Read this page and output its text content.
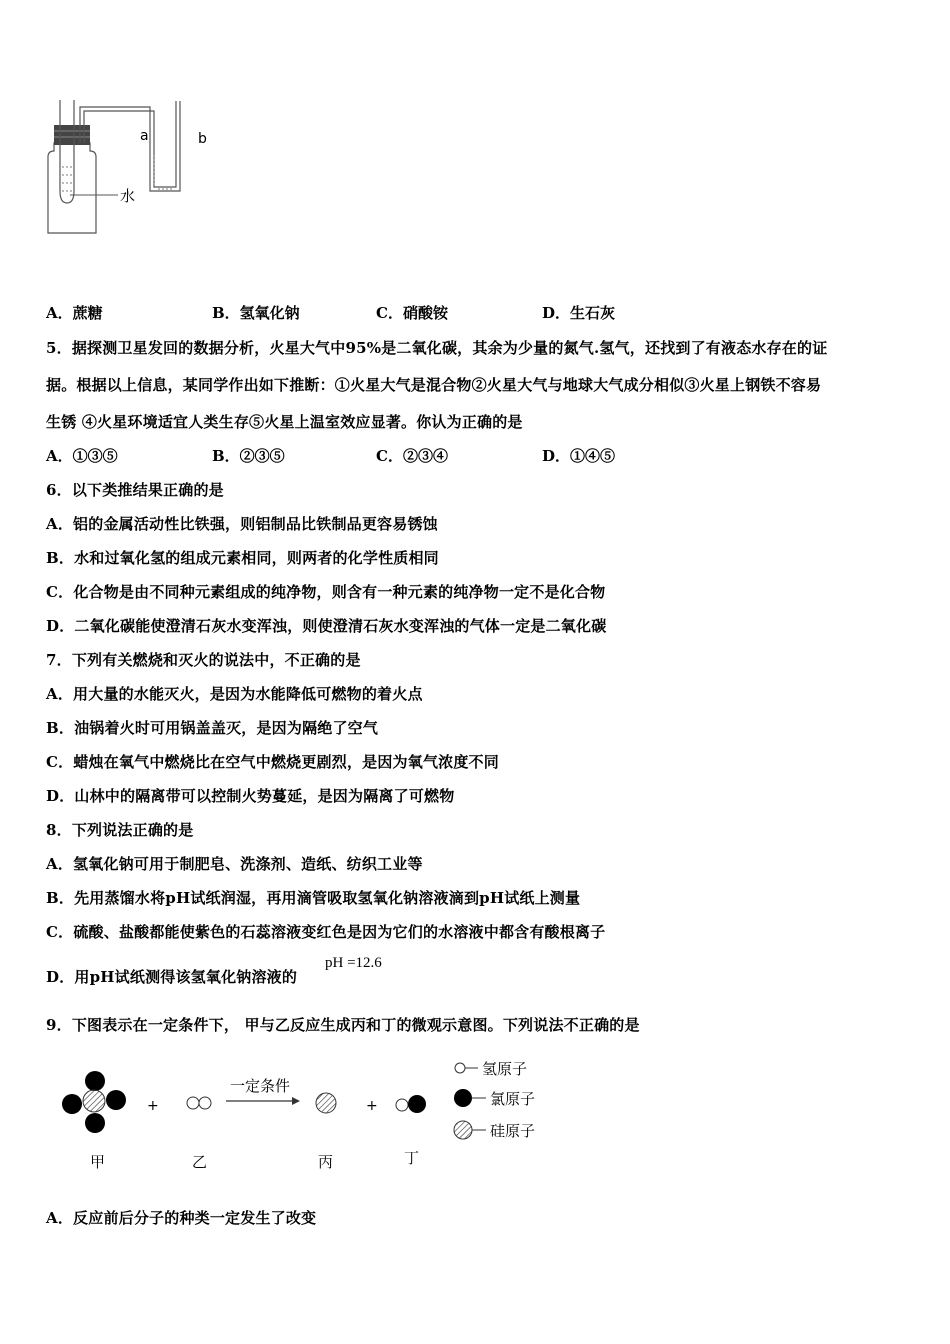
a	b
水
A．蔗糖	B．氢氧化钠	C．硝酸铵	D．生石灰
5．据探测卫星发回的数据分析，火星大气中95%是二氧化碳，其余为少量的氮气.氢气，还找到了有液态水存在的证
据。根据以上信息，某同学作出如下推断：①火星大气是混合物②火星大气与地球大气成分相似③火星上钢铁不容易
生锈 ④火星环境适宜人类生存⑤火星上温室效应显著。你认为正确的是
A．①③⑤	B．②③⑤	C．②③④	D．①④⑤
6．以下类推结果正确的是
A．铝的金属活动性比铁强，则铝制品比铁制品更容易锈蚀
B．水和过氧化氢的组成元素相同，则两者的化学性质相同
C．化合物是由不同种元素组成的纯净物，则含有一种元素的纯净物一定不是化合物
D．二氧化碳能使澄清石灰水变浑浊，则使澄清石灰水变浑浊的气体一定是二氧化碳
7．下列有关燃烧和灭火的说法中，不正确的是
A．用大量的水能灭火，是因为水能降低可燃物的着火点
B．油锅着火时可用锅盖盖灭，是因为隔绝了空气
C．蜡烛在氧气中燃烧比在空气中燃烧更剧烈，是因为氧气浓度不同
D．山林中的隔离带可以控制火势蔓延，是因为隔离了可燃物
8．下列说法正确的是
A．氢氧化钠可用于制肥皂、洗涤剂、造纸、纺织工业等
B．先用蒸馏水将pH试纸润湿，再用滴管吸取氢氧化钠溶液滴到pH试纸上测量
C．硫酸、盐酸都能使紫色的石蕊溶液变红色是因为它们的水溶液中都含有酸根离子
D．用pH试纸测得该氢氧化钠溶液的
pH =12.6
9．下图表示在一定条件下， 甲与乙反应生成丙和丁的微观示意图。下列说法不正确的是
+
一定条件
+
甲	乙	丙	丁
氢原子
氯原子
硅原子
A．反应前后分子的种类一定发生了改变
